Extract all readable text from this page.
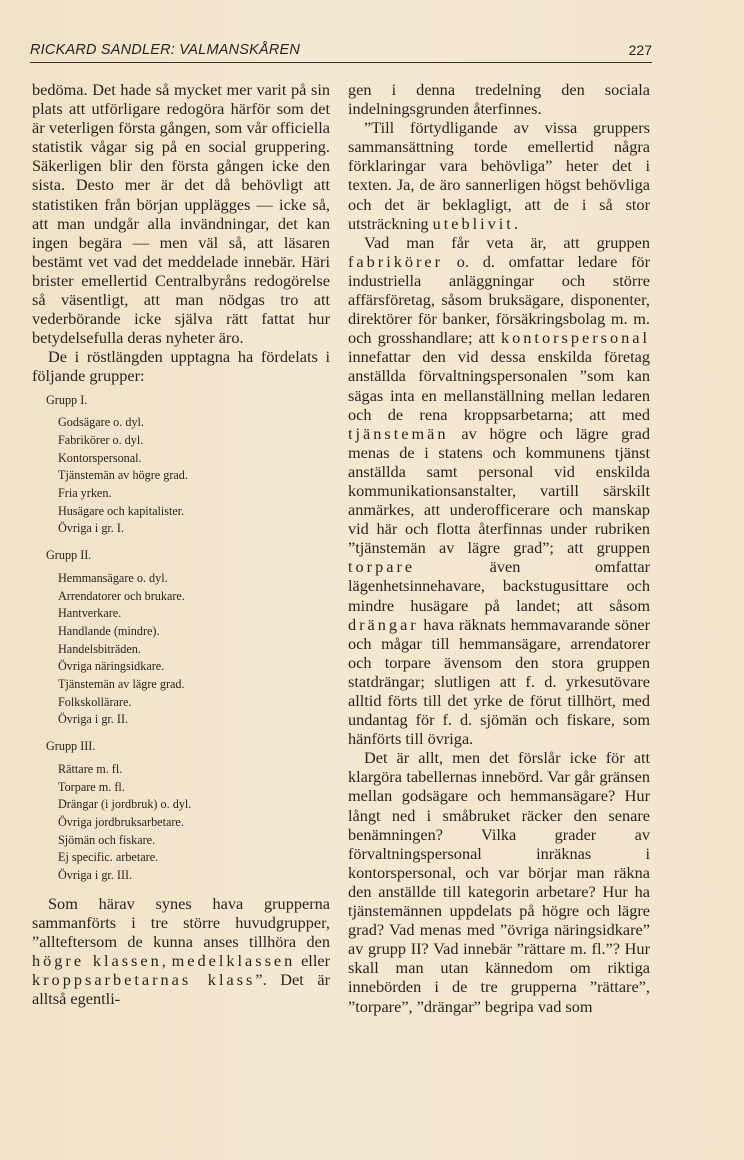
RICKARD SANDLER: VALMANSKÅREN	227

bedöma. Det hade så mycket mer varit på sin plats att utförligare redogöra härför som det är veterligen första gången, som vår officiella statistik vågar sig på en social gruppering. Säkerligen blir den första gången icke den sista. Desto mer är det då behövligt att statistiken från början upplägges — icke så, att man undgår alla invändningar, det kan ingen begära — men väl så, att läsaren bestämt vet vad det meddelade innebär. Häri brister emellertid Centralbyråns redogörelse så väsentligt, att man nödgas tro att vederbörande icke själva rätt fattat hur betydelsefulla deras nyheter äro.

De i röstlängden upptagna ha fördelats i följande grupper:

Grupp I.
Godsägare o. dyl.
Fabrikörer o. dyl.
Kontorspersonal.
Tjänstemän av högre grad.
Fria yrken.
Husägare och kapitalister.
Övriga i gr. I.
Grupp II.
Hemmansägare o. dyl.
Arrendatorer och brukare.
Hantverkare.
Handlande (mindre).
Handelsbiträden.
Övriga näringsidkare.
Tjänstemän av lägre grad.
Folkskollärare.
Övriga i gr. II.
Grupp III.
Rättare m. fl.
Torpare m. fl.
Drängar (i jordbruk) o. dyl.
Övriga jordbruksarbetare.
Sjömän och fiskare.
Ej specific. arbetare.
Övriga i gr. III.

Som härav synes hava grupperna sammanförts i tre större huvudgrupper, ”allteftersom de kunna anses tillhöra den högre klassen, medelklassen eller kroppsarbetarnas klass”. Det är alltså egentli-

gen i denna tredelning den sociala indelningsgrunden återfinnes.

”Till förtydligande av vissa gruppers sammansättning torde emellertid några förklaringar vara behövliga” heter det i texten. Ja, de äro sannerligen högst behövliga och det är beklagligt, att de i så stor utsträckning uteblivit.

Vad man får veta är, att gruppen fabrikörer o. d. omfattar ledare för industriella anläggningar och större affärsföretag, såsom bruksägare, disponenter, direktörer för banker, försäkringsbolag m. m. och grosshandlare; att kontorspersonal innefattar den vid dessa enskilda företag anställda förvaltningspersonalen ”som kan sägas inta en mellanställning mellan ledaren och de rena kroppsarbetarna; att med tjänstemän av högre och lägre grad menas de i statens och kommunens tjänst anställda samt personal vid enskilda kommunikationsanstalter, vartill särskilt anmärkes, att underofficerare och manskap vid här och flotta återfinnas under rubriken ”tjänstemän av lägre grad”; att gruppen torpare även omfattar lägenhetsinnehavare, backstugusittare och mindre husägare på landet; att såsom drängar hava räknats hemmavarande söner och mågar till hemmansägare, arrendatorer och torpare ävensom den stora gruppen statdrängar; slutligen att f. d. yrkesutövare alltid förts till det yrke de förut tillhört, med undantag för f. d. sjömän och fiskare, som hänförts till övriga.

Det är allt, men det förslår icke för att klargöra tabellernas innebörd. Var går gränsen mellan godsägare och hemmansägare? Hur långt ned i småbruket räcker den senare benämningen? Vilka grader av förvaltningspersonal inräknas i kontorspersonal, och var börjar man räkna den anställde till kategorin arbetare? Hur ha tjänstemännen uppdelats på högre och lägre grad? Vad menas med ”övriga näringsidkare” av grupp II? Vad innebär ”rättare m. fl.”? Hur skall man utan kännedom om riktiga innebörden i de tre grupperna ”rättare”, ”torpare”, ”drängar” begripa vad som
